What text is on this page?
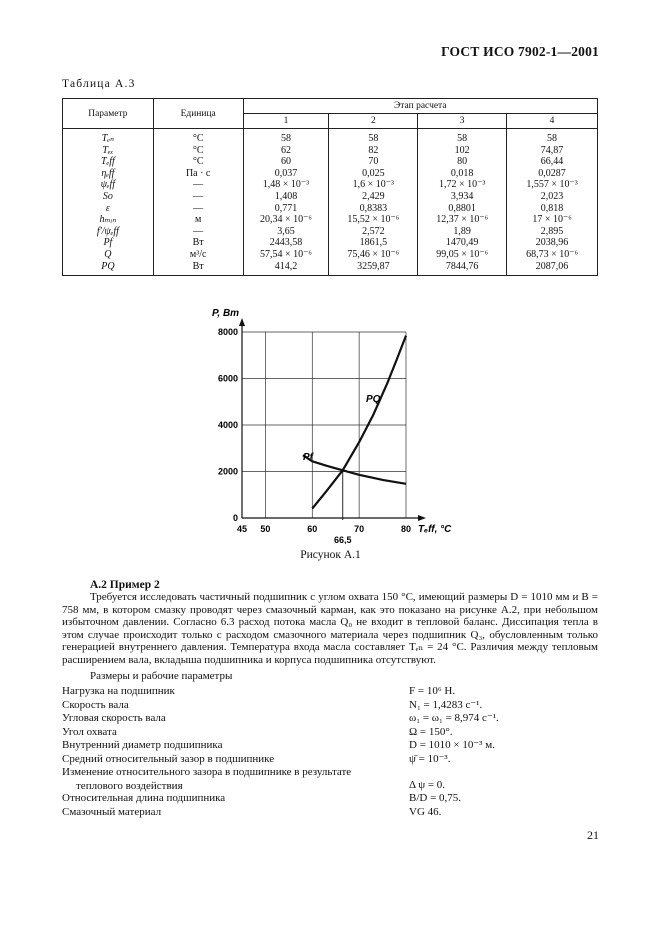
ГОСТ ИСО 7902-1—2001
Таблица А.3
Параметр	Единица	Этап расчета			
		1	2	3	4
Tₑₙ	°C	58	58	58	58
Tₑₓ	°C	62	82	102	74,87
Tₑff	°C	60	70	80	66,44
ηₑff	Па · с	0,037	0,025	0,018	0,0287
ψₑff	—	1,48 × 10⁻³	1,6 × 10⁻³	1,72 × 10⁻³	1,557 × 10⁻³
So	—	1,408	2,429	3,934	2,023
ε	—	0,771	0,8383	0,8801	0,818
hₘᵢₙ	м	20,34 × 10⁻⁶	15,52 × 10⁻⁶	12,37 × 10⁻⁶	17 × 10⁻⁶
f′/ψₑff	—	3,65	2,572	1,89	2,895
Pf	Вт	2443,58	1861,5	1470,49	2038,96
Q	м³/с	57,54 × 10⁻⁶	75,46 × 10⁻⁶	99,05 × 10⁻⁶	68,73 × 10⁻⁶
PQ	Вт	414,2	3259,87	7844,76	2087,06
45 50	60	70	80
0
2000
4000
6000
8000
66,5
Pf
PQ
P, Вт
Tₑff, °C
Рисунок А.1
А.2 Пример 2
Требуется исследовать частичный подшипник с углом охвата 150 °C, имеющий размеры D = 1010 мм и B = 758 мм, в котором смазку проводят через смазочный карман, как это показано на рисунке А.2, при небольшом избыточном давлении. Согласно 6.3 расход потока масла Q₀ не входит в тепловой баланс. Диссипация тепла в этом случае происходит только с расходом смазочного материала через подшипник Q₃, обусловленным только генерацией внутреннего давления. Температура входа масла составляет Tₑₙ = 24 °C. Различия между тепловым расширением вала, вкладыша подшипника и корпуса подшипника отсутствуют.
Размеры и рабочие параметры
Нагрузка на подшипник	F = 10⁶ Н.
Скорость вала	N₁ = 1,4283 с⁻¹.
Угловая скорость вала	ω₁ = ω₁ = 8,974 с⁻¹.
Угол охвата	Ω = 150°.
Внутренний диаметр подшипника	D = 1010 × 10⁻³ м.
Средний относительный зазор в подшипнике	ψ̄ = 10⁻³.
Изменение относительного зазора в подшипнике в результате
теплового воздействия	Δ ψ = 0.
Относительная длина подшипника	B/D = 0,75.
Смазочный материал	VG 46.
21
